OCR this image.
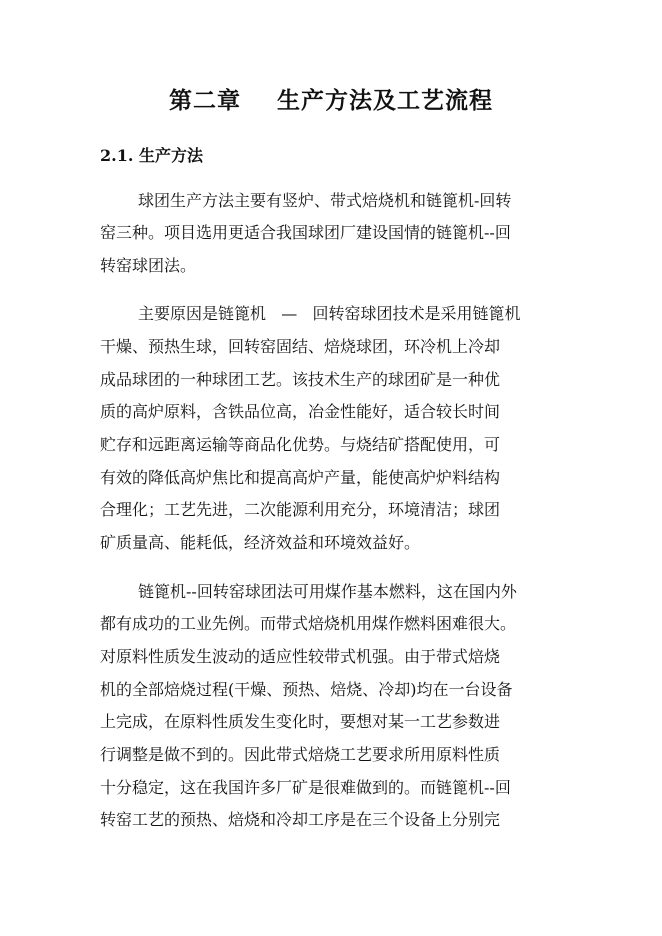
第二章    生产方法及工艺流程
2.1. 生产方法
球团生产方法主要有竖炉、带式焙烧机和链篦机-回转
窑三种。项目选用更适合我国球团厂建设国情的链篦机--回
转窑球团法。
主要原因是链篦机   —   回转窑球团技术是采用链篦机
干燥、预热生球，回转窑固结、焙烧球团，环冷机上冷却
成品球团的一种球团工艺。该技术生产的球团矿是一种优
质的高炉原料，含铁品位高，冶金性能好，适合较长时间
贮存和远距离运输等商品化优势。与烧结矿搭配使用，可
有效的降低高炉焦比和提高高炉产量，能使高炉炉料结构
合理化；工艺先进，二次能源利用充分，环境清洁；球团
矿质量高、能耗低，经济效益和环境效益好。
链篦机--回转窑球团法可用煤作基本燃料，这在国内外
都有成功的工业先例。而带式焙烧机用煤作燃料困难很大。
对原料性质发生波动的适应性较带式机强。由于带式焙烧
机的全部焙烧过程(干燥、预热、焙烧、冷却)均在一台设备
上完成，在原料性质发生变化时，要想对某一工艺参数进
行调整是做不到的。因此带式焙烧工艺要求所用原料性质
十分稳定，这在我国许多厂矿是很难做到的。而链篦机--回
转窑工艺的预热、焙烧和冷却工序是在三个设备上分别完
